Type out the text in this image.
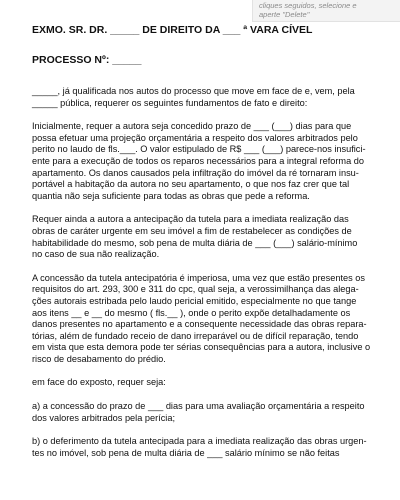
cliques seguidos, selecione e
aperte "Delete"

EXMO. SR. DR. _____ DE DIREITO DA ___ ª VARA CÍVEL

PROCESSO Nº: _____

_____, já qualificada nos autos do processo que move em face de e, vem, pela
_____ pública, requerer os seguintes fundamentos de fato e direito:

Inicialmente, requer a autora seja concedido prazo de ___ (___) dias para que
possa efetuar uma projeção orçamentária a respeito dos valores arbitrados pelo
perito no laudo de fls.___. O valor estipulado de R$ ___ (___) parece-nos insufici-
ente para a execução de todos os reparos necessários para a integral reforma do
apartamento. Os danos causados pela infiltração do imóvel da ré tornaram insu-
portável a habitação da autora no seu apartamento, o que nos faz crer que tal
quantia não seja suficiente para todas as obras que pede a reforma.

Requer ainda a autora a antecipação da tutela para a imediata realização das
obras de caráter urgente em seu imóvel a fim de restabelecer as condições de
habitabilidade do mesmo, sob pena de multa diária de ___ (___) salário-mínimo
no caso de sua não realização.

A concessão da tutela antecipatória é imperiosa, uma vez que estão presentes os
requisitos do art. 293, 300 e 311 do cpc, qual seja, a verossimilhança das alega-
ções autorais estribada pelo laudo pericial emitido, especialmente no que tange
aos itens __ e __ do mesmo ( fls.__ ), onde o perito expõe detalhadamente os
danos presentes no apartamento e a consequente necessidade das obras repara-
tórias, além de fundado receio de dano irreparável ou de difícil reparação, tendo
em vista que esta demora pode ter sérias consequências para a autora, inclusive o
risco de desabamento do prédio.

em face do exposto, requer seja:

a) a concessão do prazo de ___ dias para uma avaliação orçamentária a respeito
dos valores arbitrados pela perícia;

b) o deferimento da tutela antecipada para a imediata realização das obras urgen-
tes no imóvel, sob pena de multa diária de ___ salário mínimo se não feitas
